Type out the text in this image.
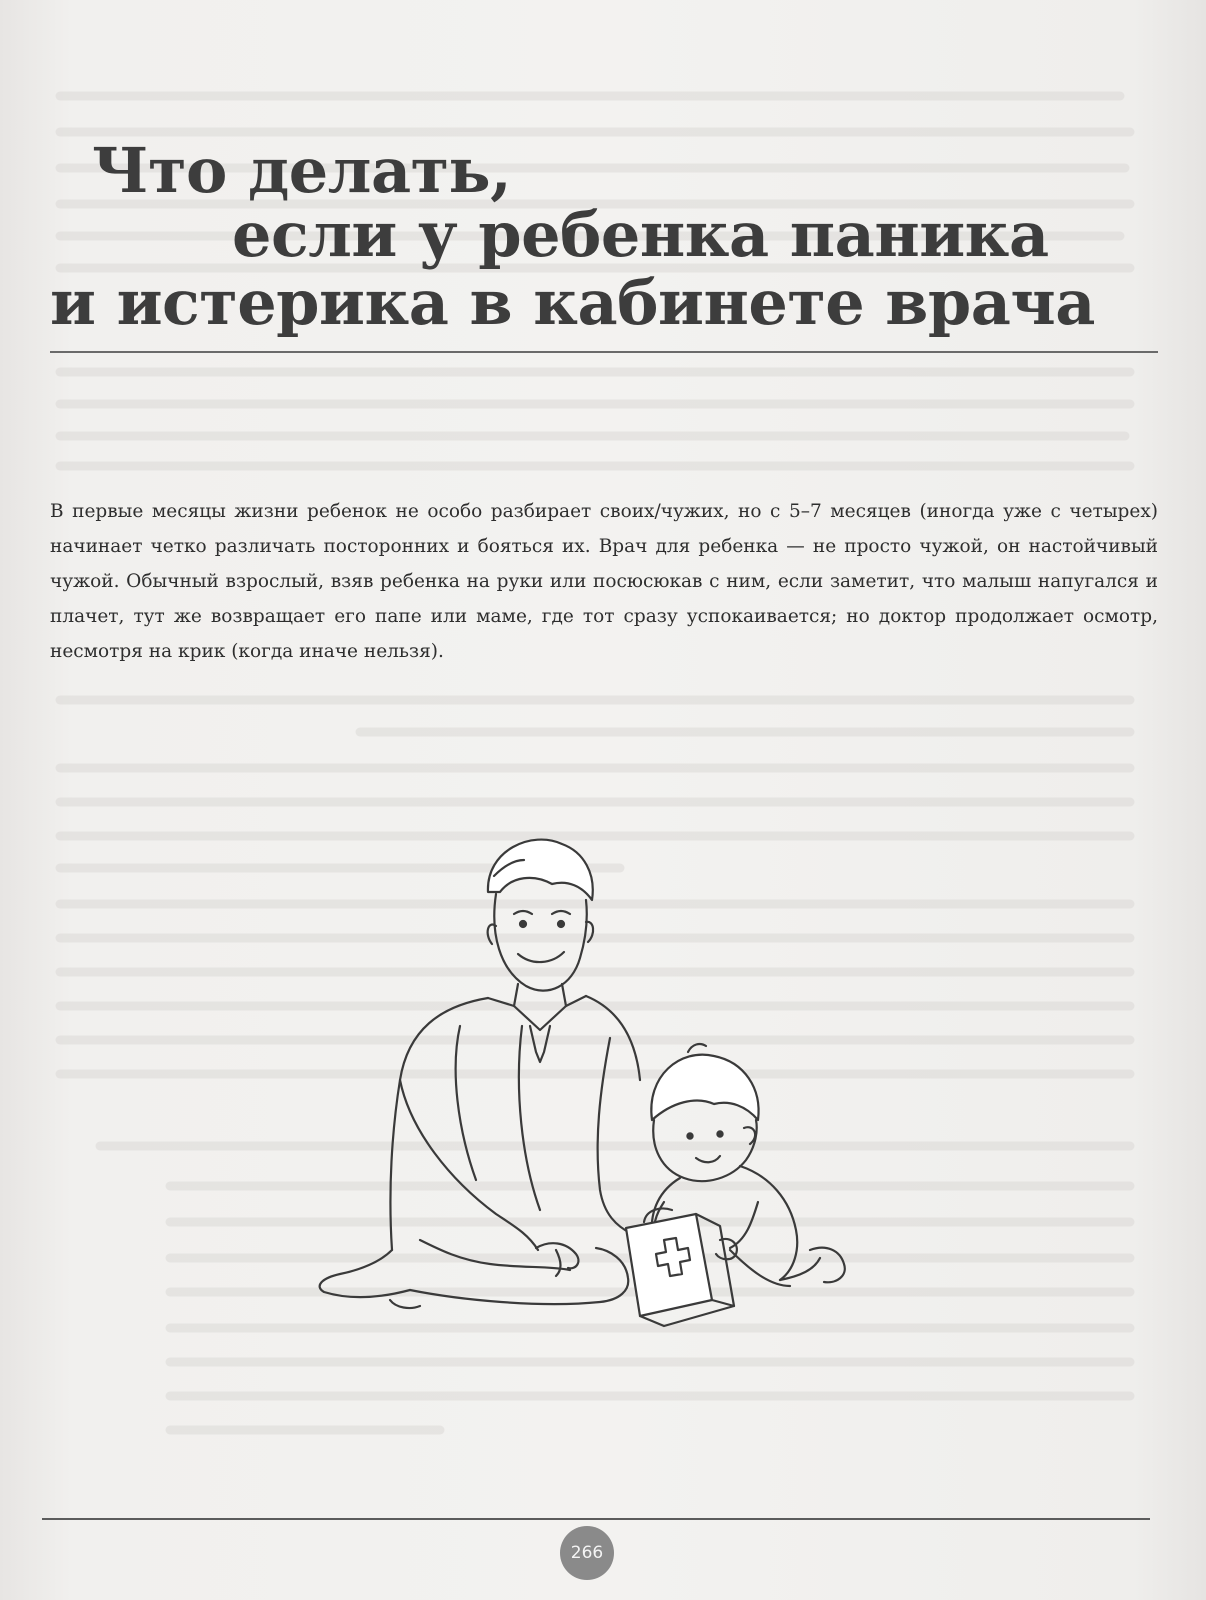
Что делать,
если у ребенка паника
и истерика в кабинете врача

В первые месяцы жизни ребенок не особо разбирает своих/чужих, но с 5–7 месяцев (иногда уже с четырех) начинает четко различать посторонних и бояться их. Врач для ребенка — не просто чужой, он настойчивый чужой. Обычный взрослый, взяв ребенка на руки или посюсюкав с ним, если заметит, что малыш напугался и плачет, тут же возвращает его папе или маме, где тот сразу успокаивается; но доктор продолжает осмотр, несмотря на крик (когда иначе нельзя).

266
